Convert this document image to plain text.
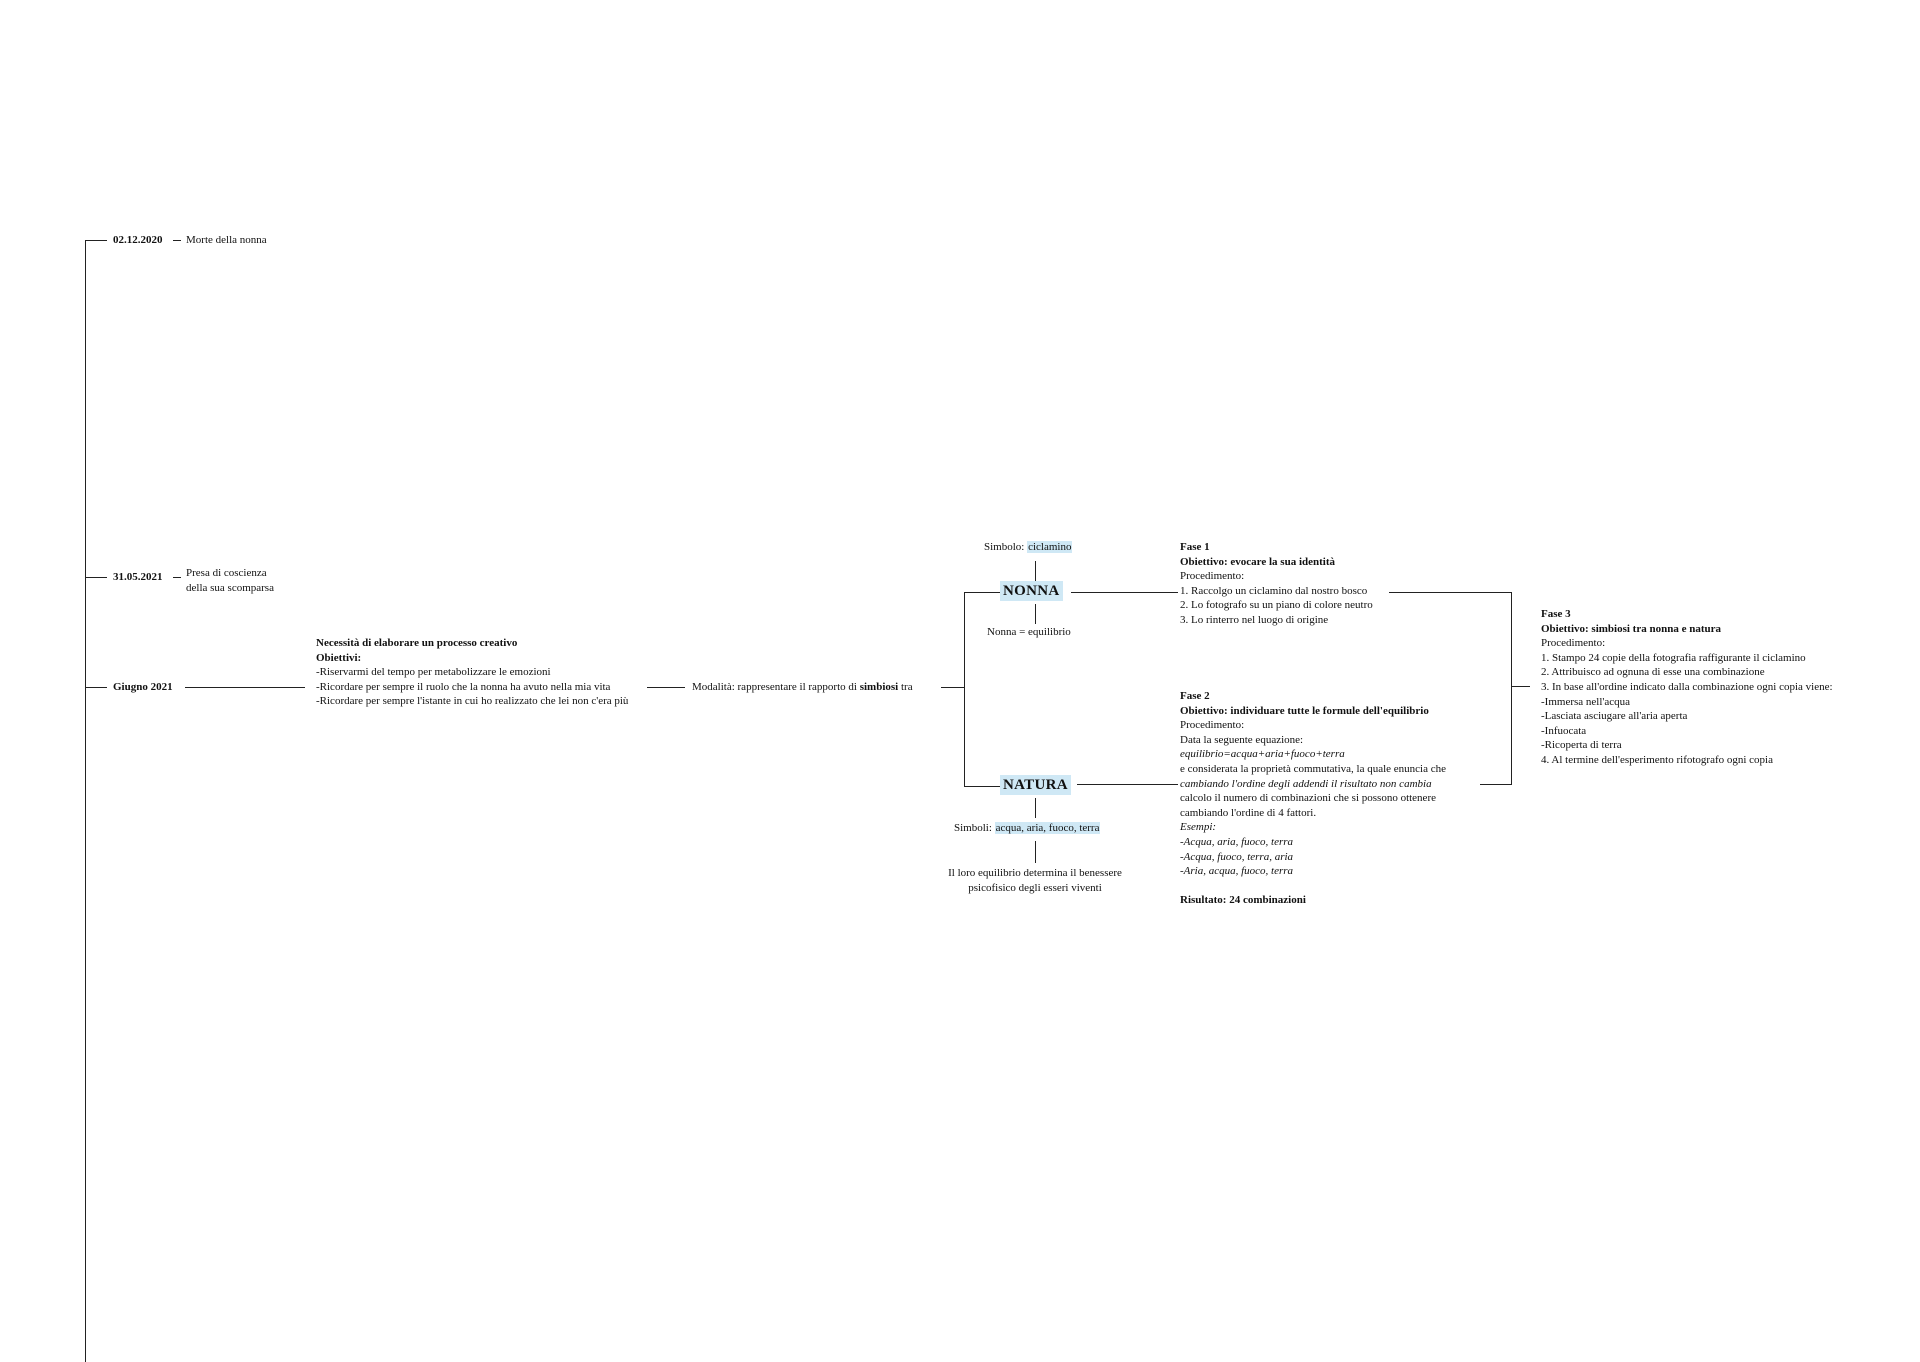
02.12.2020 Morte della nonna
31.05.2021 Presa di coscienza
della sua scomparsa
Giugno 2021
Necessità di elaborare un processo creativo
Obiettivi:
-Riservarmi del tempo per metabolizzare le emozioni
-Ricordare per sempre il ruolo che la nonna ha avuto nella mia vita
-Ricordare per sempre l'istante in cui ho realizzato che lei non c'era più
Modalità: rappresentare il rapporto di simbiosi tra
Simbolo: ciclamino
NONNA
Nonna = equilibrio
NATURA
Simboli: acqua, aria, fuoco, terra
Il loro equilibrio determina il benessere
psicofisico degli esseri viventi
Fase 1
Obiettivo: evocare la sua identità
Procedimento:
1. Raccolgo un ciclamino dal nostro bosco
2. Lo fotografo su un piano di colore neutro
3. Lo rinterro nel luogo di origine
Fase 2
Obiettivo: individuare tutte le formule dell'equilibrio
Procedimento:
Data la seguente equazione:
equilibrio=acqua+aria+fuoco+terra
e considerata la proprietà commutativa, la quale enuncia che
cambiando l'ordine degli addendi il risultato non cambia
calcolo il numero di combinazioni che si possono ottenere
cambiando l'ordine di 4 fattori.
Esempi:
-Acqua, aria, fuoco, terra
-Acqua, fuoco, terra, aria
-Aria, acqua, fuoco, terra
Risultato: 24 combinazioni
Fase 3
Obiettivo: simbiosi tra nonna e natura
Procedimento:
1. Stampo 24 copie della fotografia raffigurante il ciclamino
2. Attribuisco ad ognuna di esse una combinazione
3. In base all'ordine indicato dalla combinazione ogni copia viene:
-Immersa nell'acqua
-Lasciata asciugare all'aria aperta
-Infuocata
-Ricoperta di terra
4. Al termine dell'esperimento rifotografo ogni copia
